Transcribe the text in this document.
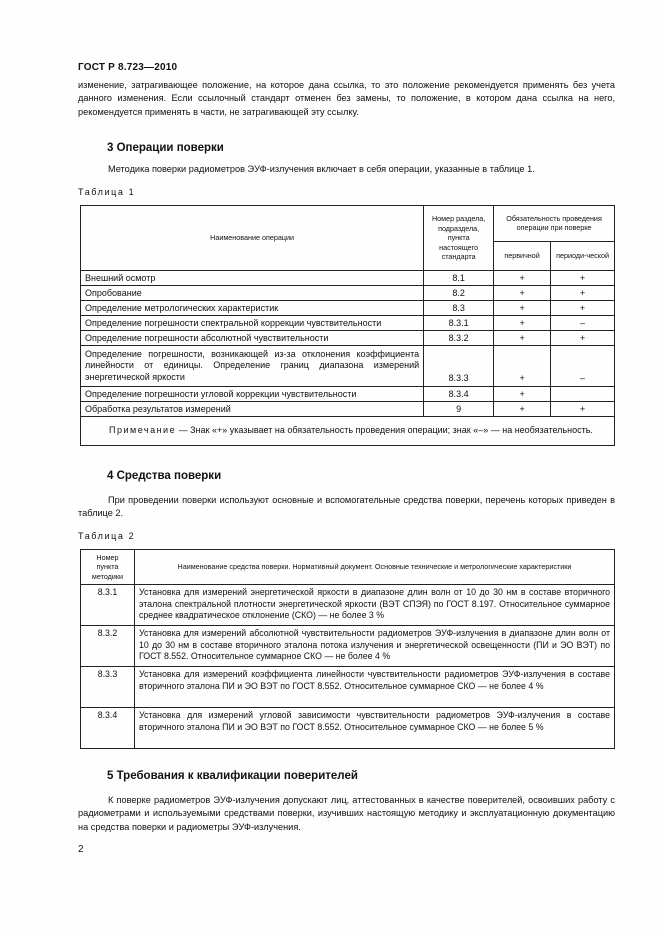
ГОСТ Р 8.723—2010
изменение, затрагивающее положение, на которое дана ссылка, то это положение рекомендуется применять без учета данного изменения. Если ссылочный стандарт отменен без замены, то положение, в котором дана ссылка на него, рекомендуется применять в части, не затрагивающей эту ссылку.
3 Операции поверки
Методика поверки радиометров ЭУФ-излучения включает в себя операции, указанные в таблице 1.
Таблица 1
Наименование операции	Номер раздела, подраздела, пункта настоящего стандарта	Обязательность проведения операции при поверке	
		первичной	периоди-ческой
Внешний осмотр	8.1	+	+
Опробование	8.2	+	+
Определение метрологических характеристик	8.3	+	+
Определение погрешности спектральной коррекции чувствительности	8.3.1	+	–
Определение погрешности абсолютной чувствительности	8.3.2	+	+
Определение погрешности, возникающей из-за отклонения коэффициента линейности от единицы. Определение границ диапазона измерений энергетической яркости	8.3.3	+	–
Определение погрешности угловой коррекции чувствительности	8.3.4	+	
Обработка результатов измерений	9	+	+
Примечание — Знак «+» указывает на обязательность проведения операции; знак «–» — на необязательность.			
4 Средства поверки
При проведении поверки используют основные и вспомогательные средства поверки, перечень которых приведен в таблице 2.
Таблица 2
Номер пункта методики	Наименование средства поверки. Нормативный документ. Основные технические и метрологические характеристики
8.3.1	Установка для измерений энергетической яркости в диапазоне длин волн от 10 до 30 нм в составе вторичного эталона спектральной плотности энергетической яркости (ВЭТ СПЭЯ) по ГОСТ 8.197. Относительное суммарное среднее квадратическое отклонение (СКО) — не более 3 %
8.3.2	Установка для измерений абсолютной чувствительности радиометров ЭУФ-излучения в диапазоне длин волн от 10 до 30 нм в составе вторичного эталона потока излучения и энергетической освещенности (ПИ и ЭО ВЭТ) по ГОСТ 8.552. Относительное суммарное СКО — не более 4 %
8.3.3	Установка для измерений коэффициента линейности чувствительности радиометров ЭУФ-излучения в составе вторичного эталона ПИ и ЭО ВЭТ по ГОСТ 8.552. Относительное суммарное СКО — не более 4 %
8.3.4	Установка для измерений угловой зависимости чувствительности радиометров ЭУФ-излучения в составе вторичного эталона ПИ и ЭО ВЭТ по ГОСТ 8.552. Относительное суммарное СКО — не более 5 %
5 Требования к квалификации поверителей
К поверке радиометров ЭУФ-излучения допускают лиц, аттестованных в качестве поверителей, освоивших работу с радиометрами и используемыми средствами поверки, изучивших настоящую методику и эксплуатационную документацию на средства поверки и радиометры ЭУФ-излучения.
2
